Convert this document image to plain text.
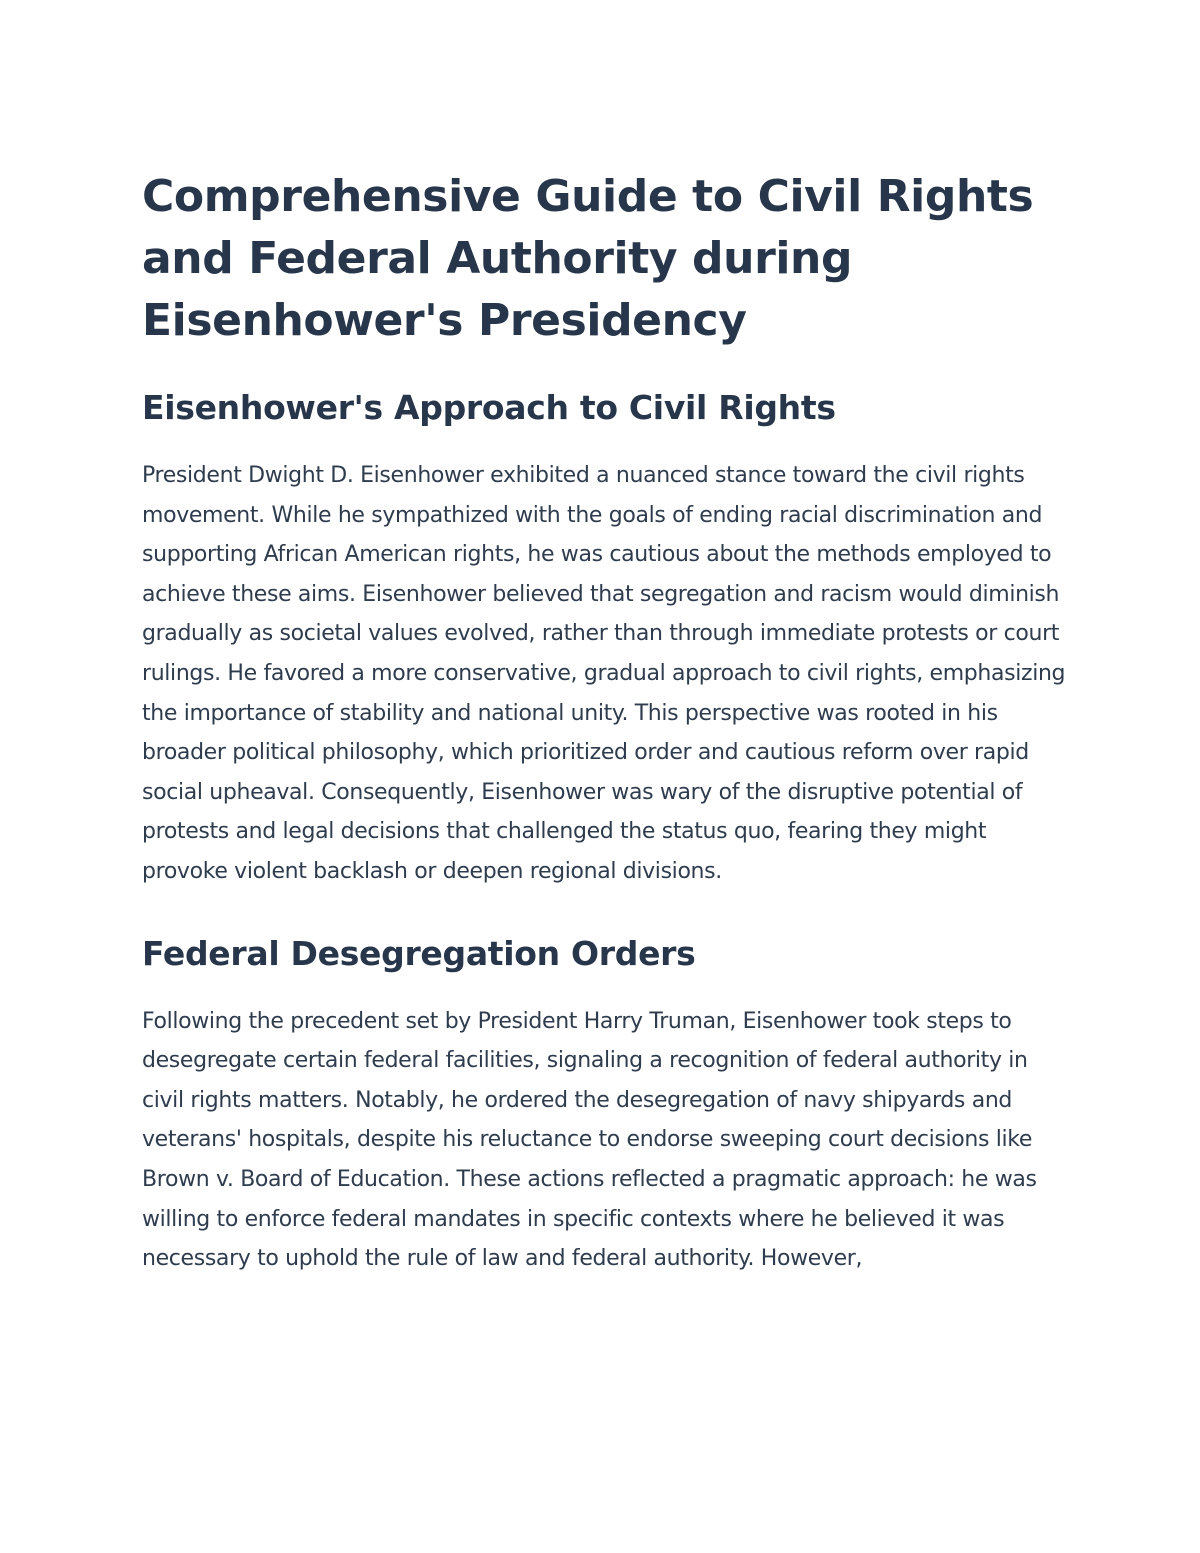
Comprehensive Guide to Civil Rights and Federal Authority during Eisenhower's Presidency
Eisenhower's Approach to Civil Rights

President Dwight D. Eisenhower exhibited a nuanced stance toward the civil rights movement. While he sympathized with the goals of ending racial discrimination and supporting African American rights, he was cautious about the methods employed to achieve these aims. Eisenhower believed that segregation and racism would diminish gradually as societal values evolved, rather than through immediate protests or court rulings. He favored a more conservative, gradual approach to civil rights, emphasizing the importance of stability and national unity. This perspective was rooted in his broader political philosophy, which prioritized order and cautious reform over rapid social upheaval. Consequently, Eisenhower was wary of the disruptive potential of protests and legal decisions that challenged the status quo, fearing they might provoke violent backlash or deepen regional divisions.

Federal Desegregation Orders

Following the precedent set by President Harry Truman, Eisenhower took steps to desegregate certain federal facilities, signaling a recognition of federal authority in civil rights matters. Notably, he ordered the desegregation of navy shipyards and veterans' hospitals, despite his reluctance to endorse sweeping court decisions like Brown v. Board of Education. These actions reflected a pragmatic approach: he was willing to enforce federal mandates in specific contexts where he believed it was necessary to uphold the rule of law and federal authority. However,
